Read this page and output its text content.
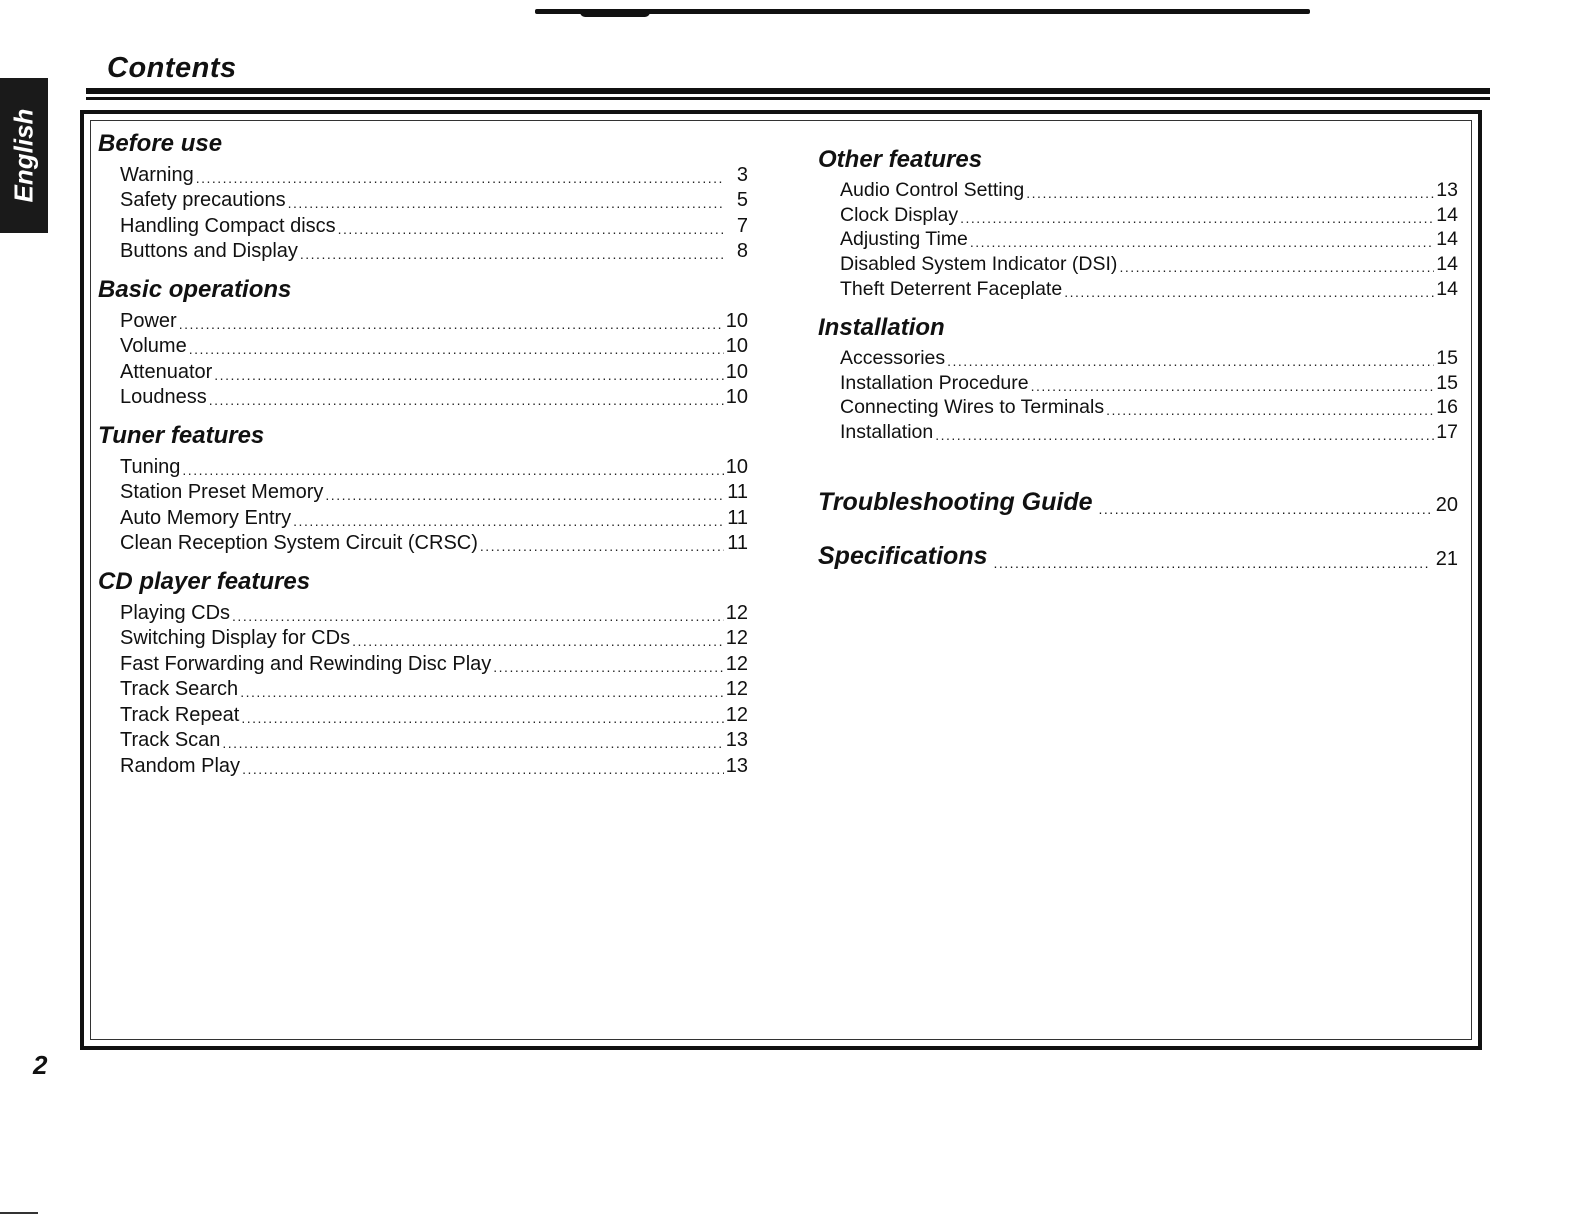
English
Contents
Before use
Warning .....	3
Safety precautions .....	5
Handling Compact discs .....	7
Buttons and Display .....	8
Basic operations
Power .....	10
Volume .....	10
Attenuator .....	10
Loudness .....	10
Tuner features
Tuning .....	10
Station Preset Memory .....	11
Auto Memory Entry .....	11
Clean Reception System Circuit (CRSC) .....	11
CD player features
Playing CDs .....	12
Switching Display for CDs .....	12
Fast Forwarding and Rewinding Disc Play .....	12
Track Search .....	12
Track Repeat .....	12
Track Scan .....	13
Random Play .....	13
Other features
Audio Control Setting .....	13
Clock Display .....	14
Adjusting Time .....	14
Disabled System Indicator (DSI) .....	14
Theft Deterrent Faceplate .....	14
Installation
Accessories .....	15
Installation Procedure .....	15
Connecting Wires to Terminals .....	16
Installation .....	17
Troubleshooting Guide .....	20
Specifications .....	21
2
